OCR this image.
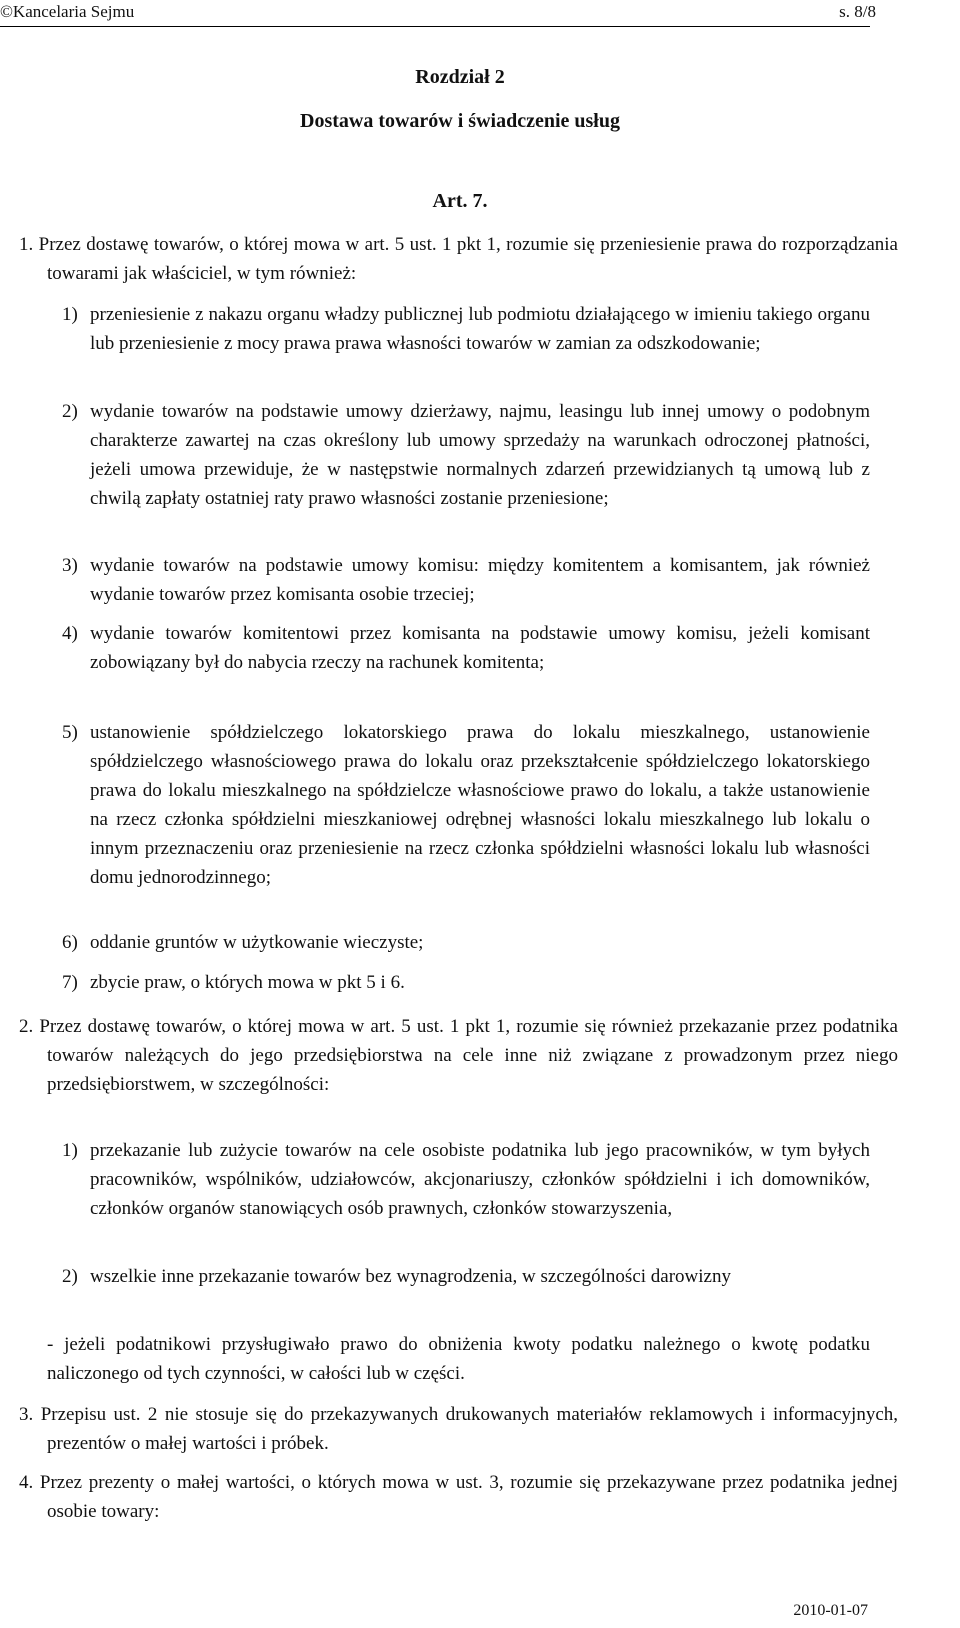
©Kancelaria Sejmu	s. 8/8
Rozdział 2
Dostawa towarów i świadczenie usług
Art. 7.
1. Przez dostawę towarów, o której mowa w art. 5 ust. 1 pkt 1, rozumie się przeniesienie prawa do rozporządzania towarami jak właściciel, w tym również:
1) przeniesienie z nakazu organu władzy publicznej lub podmiotu działającego w imieniu takiego organu lub przeniesienie z mocy prawa prawa własności towarów w zamian za odszkodowanie;
2) wydanie towarów na podstawie umowy dzierżawy, najmu, leasingu lub innej umowy o podobnym charakterze zawartej na czas określony lub umowy sprzedaży na warunkach odroczonej płatności, jeżeli umowa przewiduje, że w następstwie normalnych zdarzeń przewidzianych tą umową lub z chwilą zapłaty ostatniej raty prawo własności zostanie przeniesione;
3) wydanie towarów na podstawie umowy komisu: między komitentem a komisantem, jak również wydanie towarów przez komisanta osobie trzeciej;
4) wydanie towarów komitentowi przez komisanta na podstawie umowy komisu, jeżeli komisant zobowiązany był do nabycia rzeczy na rachunek komitenta;
5) ustanowienie spółdzielczego lokatorskiego prawa do lokalu mieszkalnego, ustanowienie spółdzielczego własnościowego prawa do lokalu oraz przekształcenie spółdzielczego lokatorskiego prawa do lokalu mieszkalnego na spółdzielcze własnościowe prawo do lokalu, a także ustanowienie na rzecz członka spółdzielni mieszkaniowej odrębnej własności lokalu mieszkalnego lub lokalu o innym przeznaczeniu oraz przeniesienie na rzecz członka spółdzielni własności lokalu lub własności domu jednorodzinnego;
6) oddanie gruntów w użytkowanie wieczyste;
7) zbycie praw, o których mowa w pkt 5 i 6.
2. Przez dostawę towarów, o której mowa w art. 5 ust. 1 pkt 1, rozumie się również przekazanie przez podatnika towarów należących do jego przedsiębiorstwa na cele inne niż związane z prowadzonym przez niego przedsiębiorstwem, w szczególności:
1) przekazanie lub zużycie towarów na cele osobiste podatnika lub jego pracowników, w tym byłych pracowników, wspólników, udziałowców, akcjonariuszy, członków spółdzielni i ich domowników, członków organów stanowiących osób prawnych, członków stowarzyszenia,
2) wszelkie inne przekazanie towarów bez wynagrodzenia, w szczególności darowizny
- jeżeli podatnikowi przysługiwało prawo do obniżenia kwoty podatku należnego o kwotę podatku naliczonego od tych czynności, w całości lub w części.
3. Przepisu ust. 2 nie stosuje się do przekazywanych drukowanych materiałów reklamowych i informacyjnych, prezentów o małej wartości i próbek.
4. Przez prezenty o małej wartości, o których mowa w ust. 3, rozumie się przekazywane przez podatnika jednej osobie towary:
2010-01-07
